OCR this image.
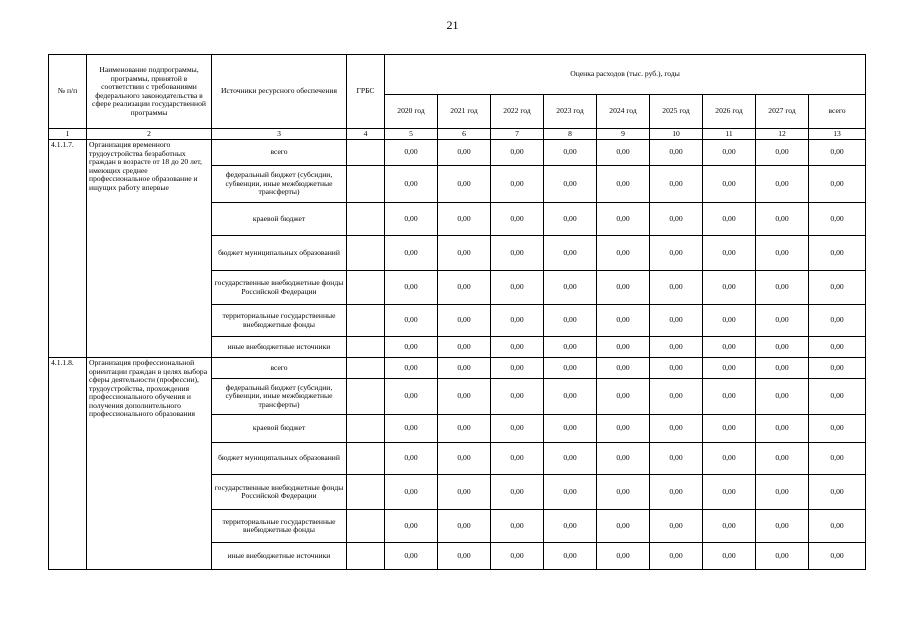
21
№ п/п	Наименование подпрограммы, программы, принятой в соответствии с требованиями федерального законодательства в сфере реализации государственной программы	Источники ресурсного обеспечения	ГРБС	Оценка расходов (тыс. руб.), годы								
				2020 год	2021 год	2022 год	2023 год	2024 год	2025 год	2026 год	2027 год	всего
1	2	3	4	5	6	7	8	9	10	11	12	13
4.1.1.7.	Организация временного трудоустройства безработных граждан в возрасте от 18 до 20 лет, имеющих среднее профессиональное образование и ищущих работу впервые	всего		0,00	0,00	0,00	0,00	0,00	0,00	0,00	0,00	0,00
		федеральный бюджет (субсидии, субвенции, иные межбюджетные трансферты)		0,00	0,00	0,00	0,00	0,00	0,00	0,00	0,00	0,00
		краевой бюджет		0,00	0,00	0,00	0,00	0,00	0,00	0,00	0,00	0,00
		бюджет муниципальных образований		0,00	0,00	0,00	0,00	0,00	0,00	0,00	0,00	0,00
		государственные внебюджетные фонды Российской Федерации		0,00	0,00	0,00	0,00	0,00	0,00	0,00	0,00	0,00
		территориальные государственные внебюджетные фонды		0,00	0,00	0,00	0,00	0,00	0,00	0,00	0,00	0,00
		иные внебюджетные источники		0,00	0,00	0,00	0,00	0,00	0,00	0,00	0,00	0,00
4.1.1.8.	Организация профессиональной ориентации граждан в целях выбора сферы деятельности (профессии), трудоустройства, прохождения профессионального обучения и получения дополнительного профессионального образования	всего		0,00	0,00	0,00	0,00	0,00	0,00	0,00	0,00	0,00
		федеральный бюджет (субсидии, субвенции, иные межбюджетные трансферты)		0,00	0,00	0,00	0,00	0,00	0,00	0,00	0,00	0,00
		краевой бюджет		0,00	0,00	0,00	0,00	0,00	0,00	0,00	0,00	0,00
		бюджет муниципальных образований		0,00	0,00	0,00	0,00	0,00	0,00	0,00	0,00	0,00
		государственные внебюджетные фонды Российской Федерации		0,00	0,00	0,00	0,00	0,00	0,00	0,00	0,00	0,00
		территориальные государственные внебюджетные фонды		0,00	0,00	0,00	0,00	0,00	0,00	0,00	0,00	0,00
		иные внебюджетные источники		0,00	0,00	0,00	0,00	0,00	0,00	0,00	0,00	0,00
